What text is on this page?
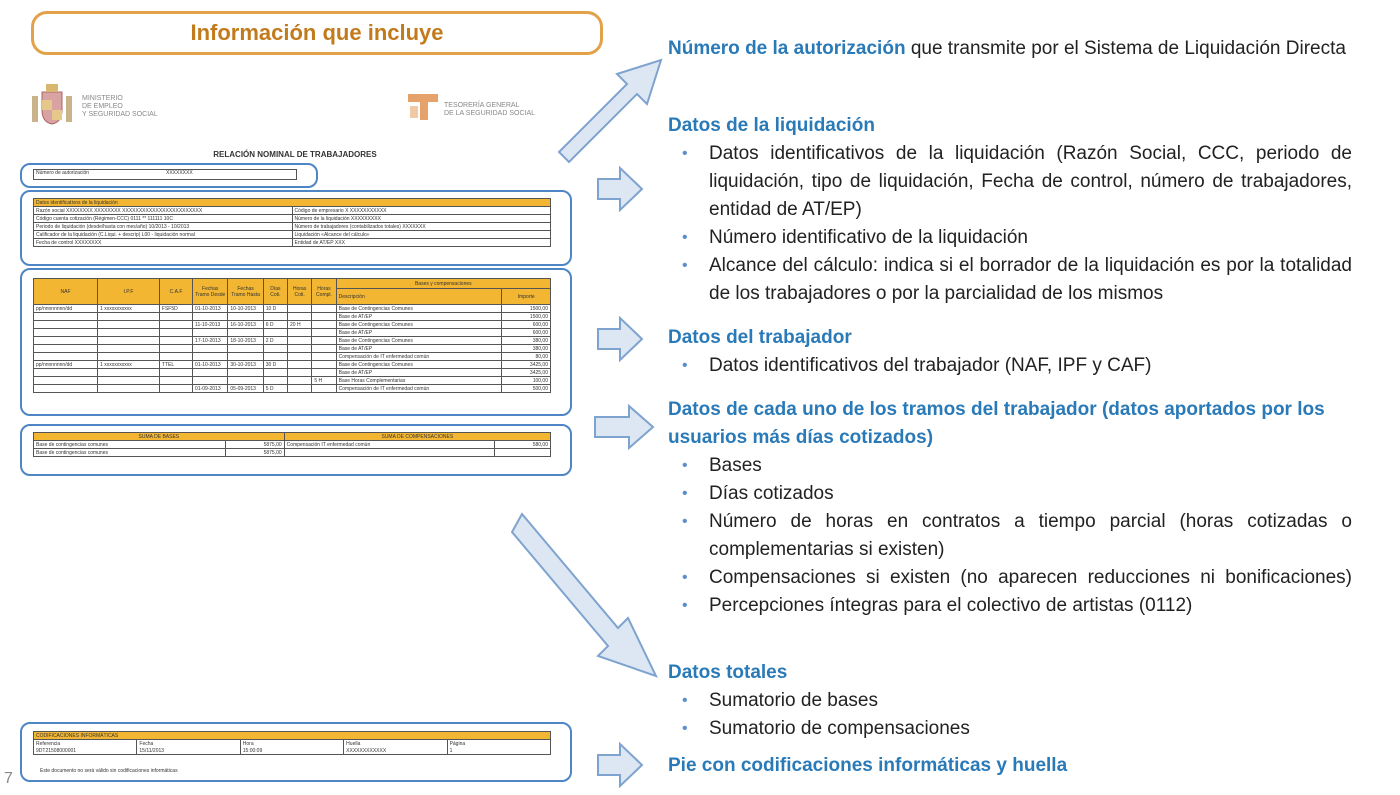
Información que incluye
MINISTERIO
DE EMPLEO
Y SEGURIDAD SOCIAL
TESORERÍA GENERAL
DE LA SEGURIDAD SOCIAL
RELACIÓN NOMINAL DE TRABAJADORES
Número de autorización	XXXXXXXX
Datos identificativos de la liquidación	
Razón social XXXXXXXX XXXXXXXX XXXXXXXXXXXXXXXXXXXXXXXX	Código de empresario X XXXXXXXXXXX
Código cuenta cotización (Régimen-CCC) 0111 ** 111111 10C	Número de la liquidación XXXXXXXXX
Periodo de liquidación (desde/hasta con mes/año) 10/2013 - 10/2013	Número de trabajadores (contabilizados totales) XXXXXXX
Calificador de la liquidación (C.Liqui. + descrip) L00 - liquidación normal	Liquidación «Alcance del cálculo»
Fecha de control XXXXXXXX	Entidad de AT/EP XXX
NAF	I.P.F	C.A.F	Fechas Tramo Desde	Fechas Tramo Hasta	Días Coti.	Horas Coti.	Horas Compl.	Bases y compensaciones	
								Descripción	Importe
pp/nnnnnnnn/dd	1 xxxxxxxxxxx	FSF5D	01-10-2013	10-10-2013	10 D			Base de Contingencias Comunes	1500,00
								Base de AT/EP	1500,00
			11-10-2013	16-10-2013	6 D	20 H		Base de Contingencias Comunes	600,00
								Base de AT/EP	600,00
			17-10-2013	18-10-2013	2 D			Base de Contingencias Comunes	380,00
								Base de AT/EP	380,00
								Compensación de IT enfermedad común	80,00
pp/nnnnnnnn/dd	1 xxxxxxxxxxx	TTEL	01-10-2013	30-10-2013	30 D			Base de Contingencias Comunes	3425,00
								Base de AT/EP	3425,00
							5 H	Base Horas Complementarias	100,00
			01-09-2013	05-09-2013	5 D			Compensación de IT enfermedad común	500,00
SUMA DE BASES		SUMA DE COMPENSACIONES	
Base de contingencias comunes	5875,00	Compensación IT enfermedad común	580,00
Base de contingencias comunes	5875,00		
CODIFICACIONES INFORMÁTICAS				
Referencia	Fecha	Hora	Huella	Página
9DT21508000001	15/11/2013	15:00:09	XXXXXXXXXXXX	1
Este documento no será válido sin codificaciones informáticas
Número de la autorización que transmite por el Sistema de Liquidación Directa
Datos de la liquidación
• Datos identificativos de la liquidación (Razón Social, CCC, periodo de liquidación, tipo de liquidación, Fecha de control, número de trabajadores, entidad de AT/EP)
• Número identificativo de la liquidación
• Alcance del cálculo: indica si el borrador de la liquidación es por la totalidad de los trabajadores o por la parcialidad de los mismos
Datos del trabajador
• Datos identificativos del trabajador (NAF, IPF y CAF)
Datos de cada uno de los tramos del trabajador (datos aportados por los usuarios más días cotizados)
• Bases
• Días cotizados
• Número de horas en contratos a tiempo parcial (horas cotizadas o complementarias si existen)
• Compensaciones si existen (no aparecen reducciones ni bonificaciones)
• Percepciones íntegras para el colectivo de artistas (0112)
Datos totales
• Sumatorio de bases
• Sumatorio de compensaciones
Pie con codificaciones informáticas y huella
7
